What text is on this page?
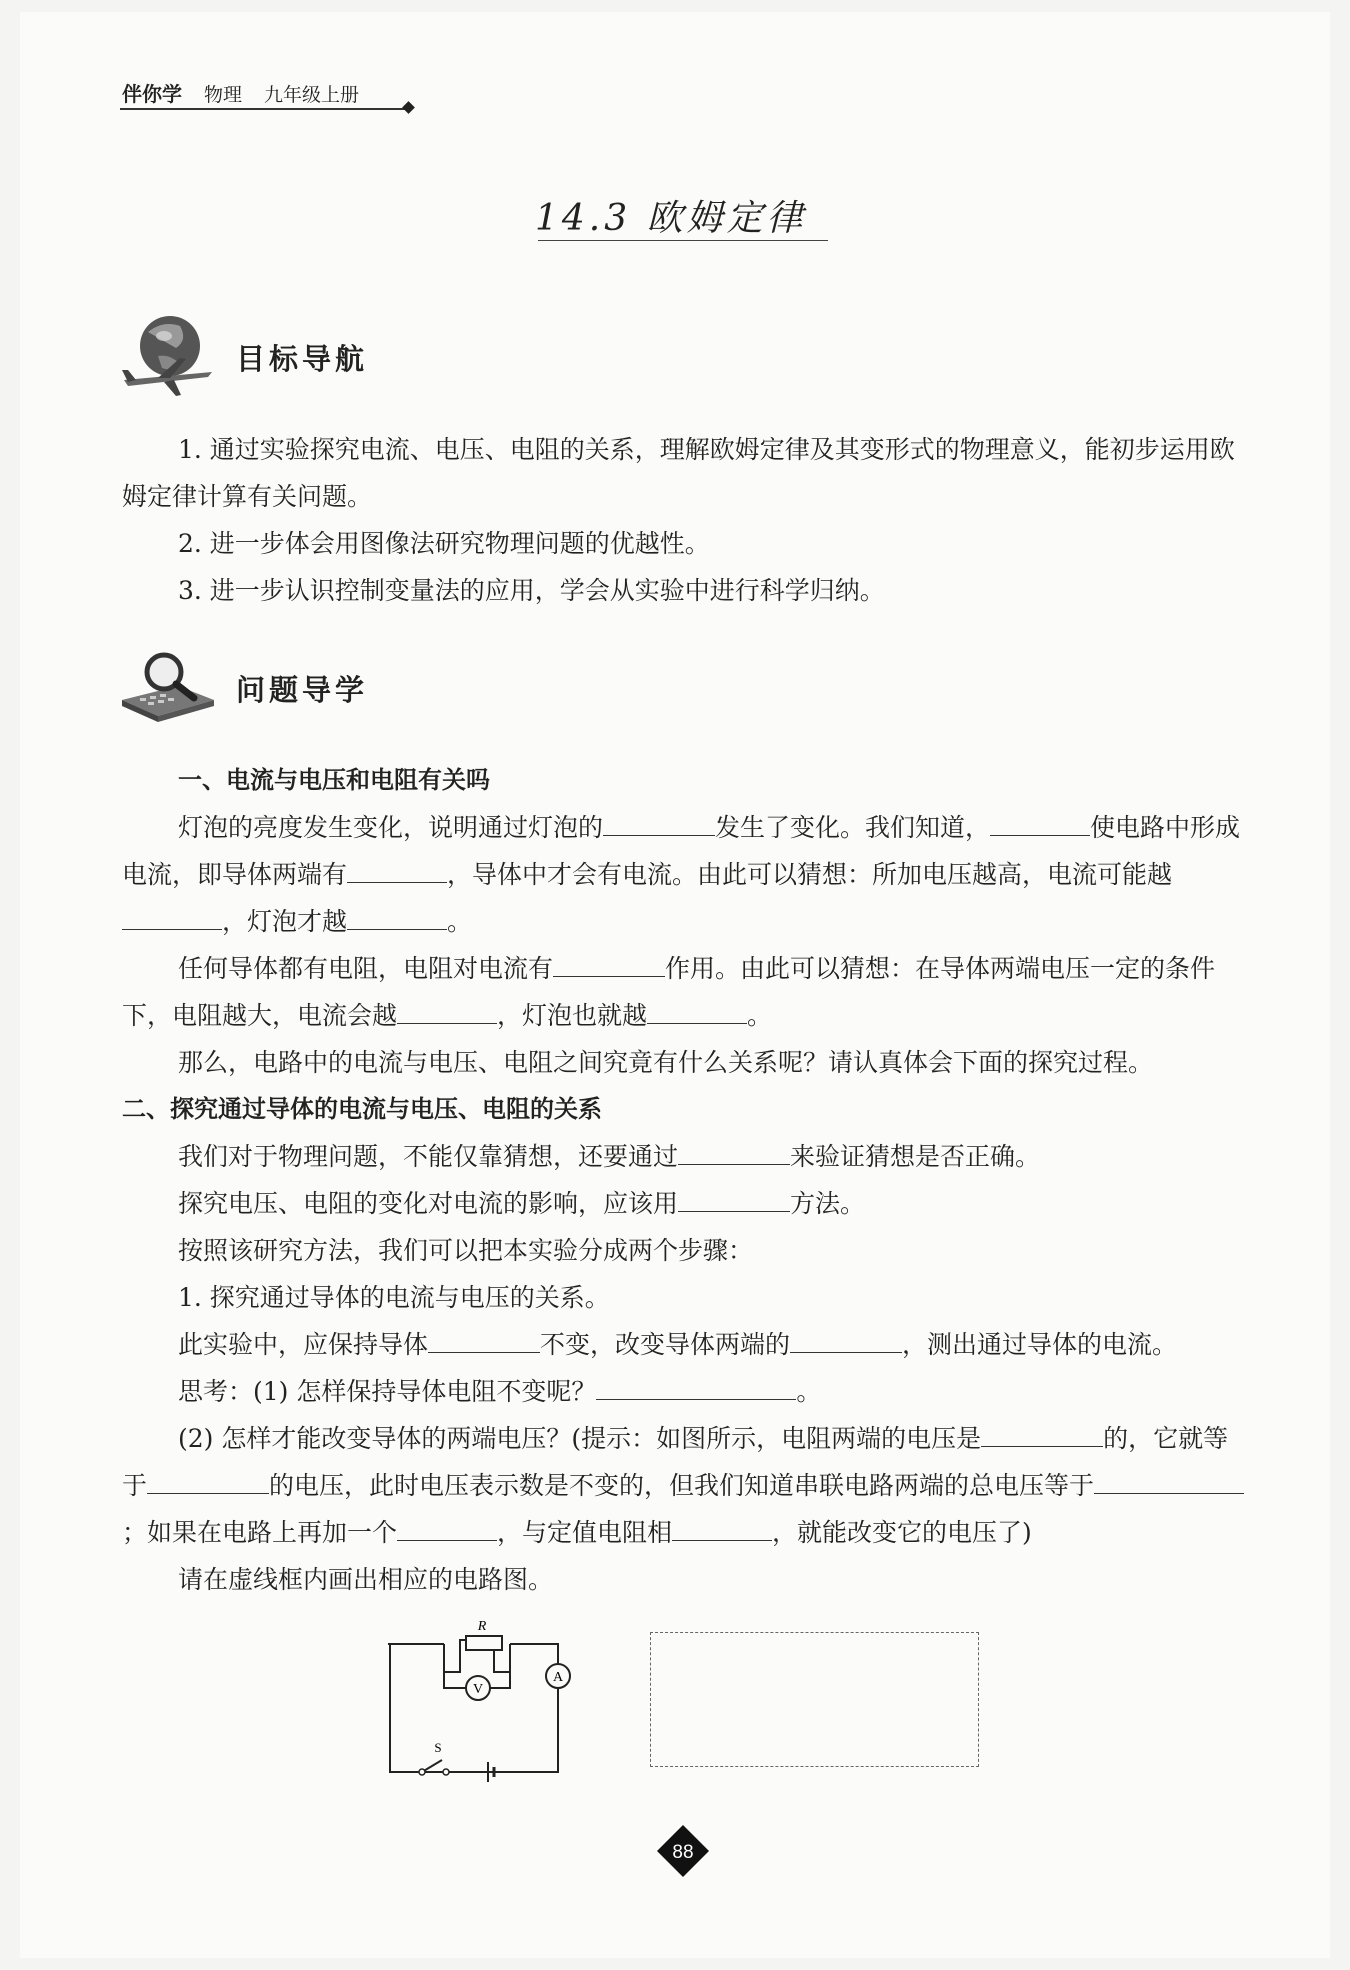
伴你学 物理 九年级上册
14.3 欧姆定律
目标导航

1. 通过实验探究电流、电压、电阻的关系，理解欧姆定律及其变形式的物理意义，能初步运用欧姆定律计算有关问题。

2. 进一步体会用图像法研究物理问题的优越性。

3. 进一步认识控制变量法的应用，学会从实验中进行科学归纳。

问题导学

一、电流与电压和电阻有关吗

灯泡的亮度发生变化，说明通过灯泡的	发生了变化。我们知道，	使电路中形成电流，即导体两端有	，导体中才会有电流。由此可以猜想：所加电压越高，电流可能越，灯泡才越	。

任何导体都有电阻，电阻对电流有	作用。由此可以猜想：在导体两端电压一定的条件下，电阻越大，电流会越	，灯泡也就越	。

那么，电路中的电流与电压、电阻之间究竟有什么关系呢？请认真体会下面的探究过程。

二、探究通过导体的电流与电压、电阻的关系

我们对于物理问题，不能仅靠猜想，还要通过	来验证猜想是否正确。

探究电压、电阻的变化对电流的影响，应该用	方法。

按照该研究方法，我们可以把本实验分成两个步骤：

1. 探究通过导体的电流与电压的关系。

此实验中，应保持导体	不变，改变导体两端的	，测出通过导体的电流。

思考：(1) 怎样保持导体电阻不变呢？	。

(2) 怎样才能改变导体的两端电压？(提示：如图所示，电阻两端的电压是	的，它就等于	的电压，此时电压表示数是不变的，但我们知道串联电路两端的总电压等于；如果在电路上再加一个	，与定值电阻相	，就能改变它的电压了)

请在虚线框内画出相应的电路图。

R
V
A
S
88
